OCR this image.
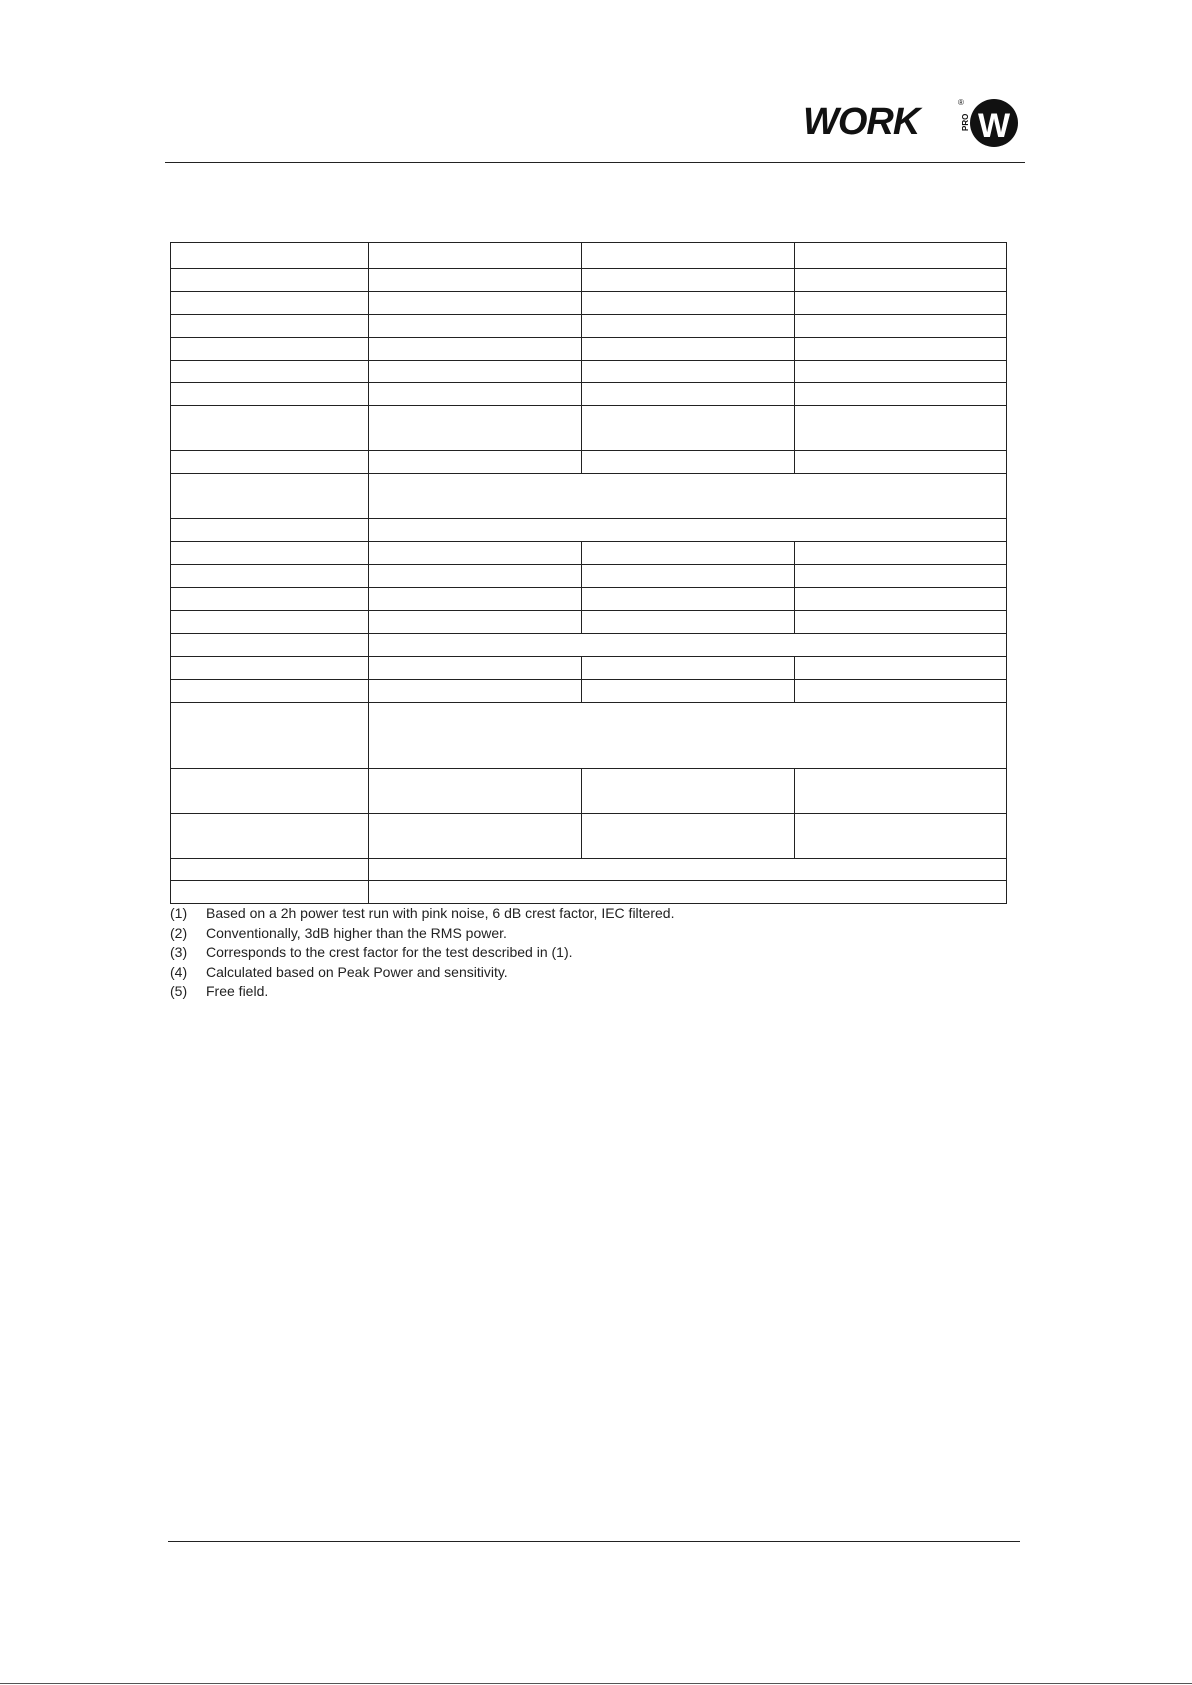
WORK	PRO
®
W

(1) Based on a 2h power test run with pink noise, 6 dB crest factor, IEC filtered.
(2) Conventionally, 3dB higher than the RMS power.
(3) Corresponds to the crest factor for the test described in (1).
(4) Calculated based on Peak Power and sensitivity.
(5) Free field.
